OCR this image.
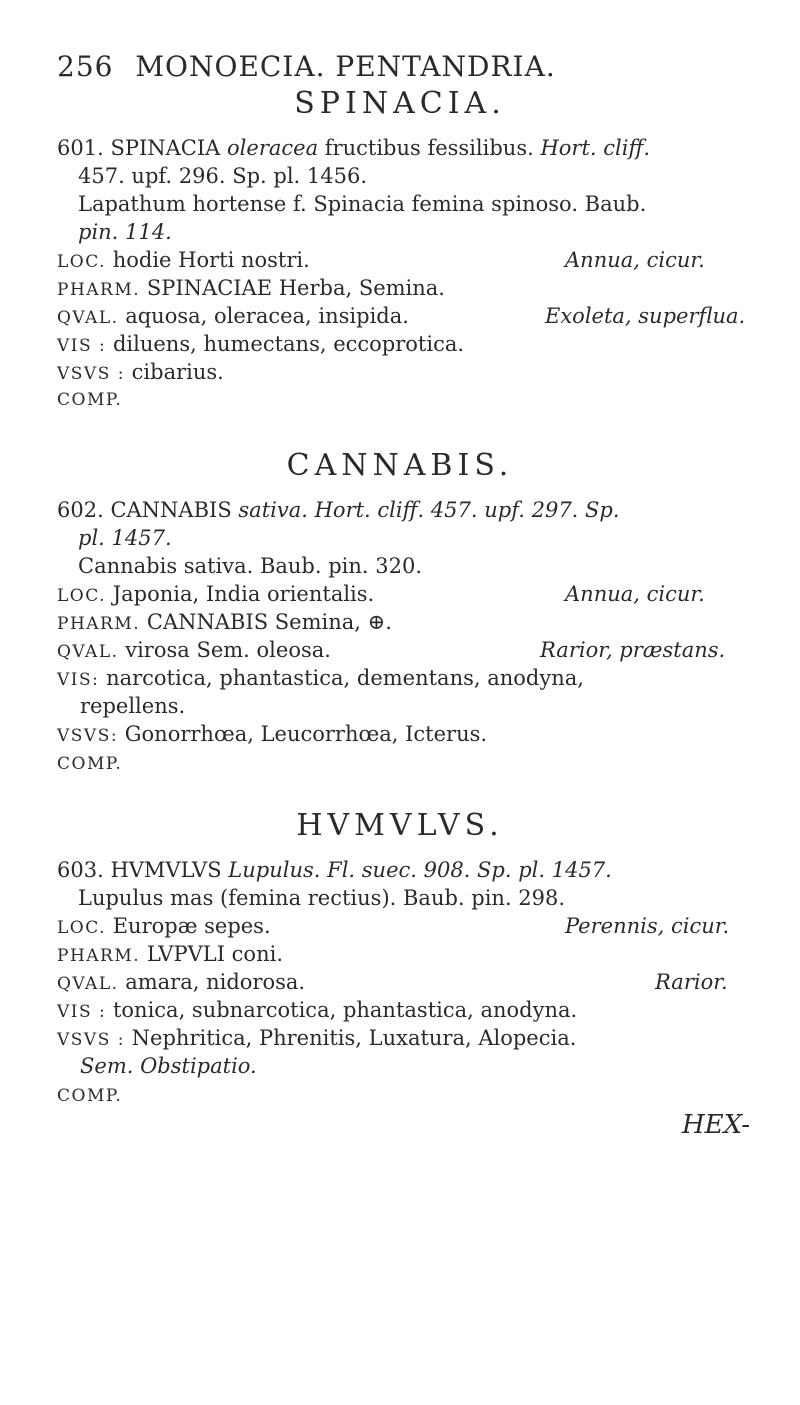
256 MONOECIA. PENTANDRIA.
SPINACIA.
601. SPINACIA oleracea fructibus fessilibus. Hort. cliff.
457. upf. 296. Sp. pl. 1456.
Lapathum hortense f. Spinacia femina spinoso. Baub.
pin. 114.
LOC. hodie Horti nostri.	Annua, cicur.
PHARM. SPINACIAE Herba, Semina.
QVAL. aquosa, oleracea, insipida.	Exoleta, superflua.
VIS : diluens, humectans, eccoprotica.
VSVS : cibarius.
COMP.
CANNABIS.
602. CANNABIS sativa. Hort. cliff. 457. upf. 297. Sp.
pl. 1457.
Cannabis sativa. Baub. pin. 320.
LOC. Japonia, India orientalis.	Annua, cicur.
PHARM. CANNABIS Semina, ⊕.
QVAL. virosa Sem. oleosa.	Rarior, præstans.
VIS: narcotica, phantastica, dementans, anodyna,
repellens.
VSVS: Gonorrhœa, Leucorrhœa, Icterus.
COMP.
HVMVLVS.
603. HVMVLVS Lupulus. Fl. suec. 908. Sp. pl. 1457.
Lupulus mas (femina rectius). Baub. pin. 298.
LOC. Europæ sepes.	Perennis, cicur.
PHARM. LVPVLI coni.
QVAL. amara, nidorosa.	Rarior.
VIS : tonica, subnarcotica, phantastica, anodyna.
VSVS : Nephritica, Phrenitis, Luxatura, Alopecia.
Sem. Obstipatio.
COMP.
HEX-
